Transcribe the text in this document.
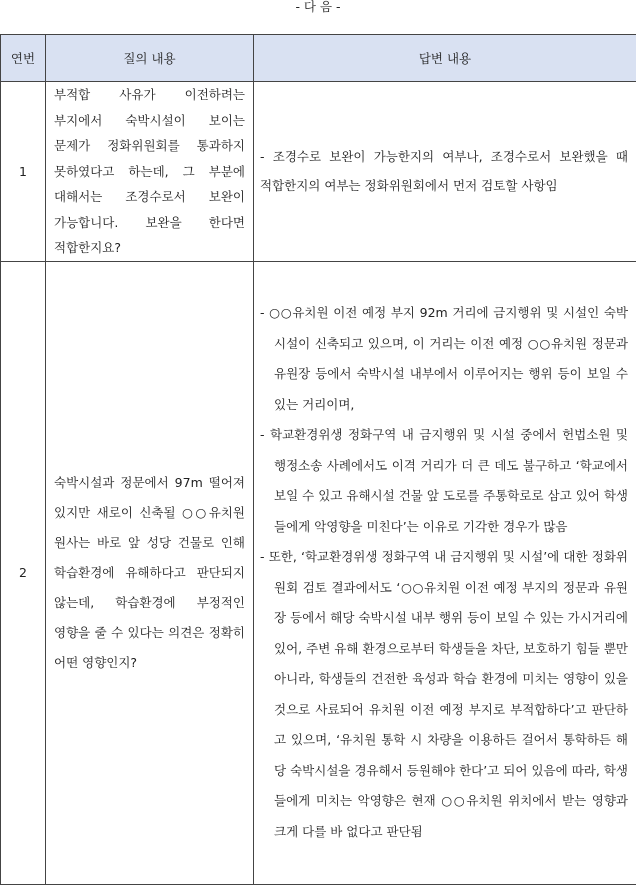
- 다 음 -
연번	질의 내용	답변 내용
1	부적합 사유가 이전하려는 부지에서 숙박시설이 보이는 문제가 정화위원회를 통과하지 못하였다고 하는데, 그 부분에 대해서는 조경수로서 보완이 가능합니다. 보완을 한다면 적합한지요?	- 조경수로 보완이 가능한지의 여부나, 조경수로서 보완했을 때 적합한지의 여부는 정화위원회에서 먼저 검토할 사항임

2	숙박시설과 정문에서 97m 떨어져 있지만 새로이 신축될 ○○유치원 원사는 바로 앞 성당 건물로 인해 학습환경에 유해하다고 판단되지 않는데, 학습환경에 부정적인 영향을 줄 수 있다는 의견은 정확히 어떤 영향인지?	- ○○유치원 이전 예정 부지 92m 거리에 금지행위 및 시설인 숙박시설이 신축되고 있으며, 이 거리는 이전 예정 ○○유치원 정문과 유원장 등에서 숙박시설 내부에서 이루어지는 행위 등이 보일 수 있는 거리이며,

- 학교환경위생 정화구역 내 금지행위 및 시설 중에서 헌법소원 및 행정소송 사례에서도 이격 거리가 더 큰 데도 불구하고 ‘학교에서 보일 수 있고 유해시설 건물 앞 도로를 주통학로로 삼고 있어 학생들에게 악영향을 미친다’는 이유로 기각한 경우가 많음

- 또한, ‘학교환경위생 정화구역 내 금지행위 및 시설’에 대한 정화위원회 검토 결과에서도 ‘○○유치원 이전 예정 부지의 정문과 유원장 등에서 해당 숙박시설 내부 행위 등이 보일 수 있는 가시거리에 있어, 주변 유해 환경으로부터 학생들을 차단, 보호하기 힘들 뿐만 아니라, 학생들의 건전한 육성과 학습 환경에 미치는 영향이 있을 것으로 사료되어 유치원 이전 예정 부지로 부적합하다’고 판단하고 있으며, ‘유치원 통학 시 차량을 이용하든 걸어서 통학하든 해당 숙박시설을 경유해서 등원해야 한다’고 되어 있음에 따라, 학생들에게 미치는 악영향은 현재 ○○유치원 위치에서 받는 영향과 크게 다를 바 없다고 판단됨
